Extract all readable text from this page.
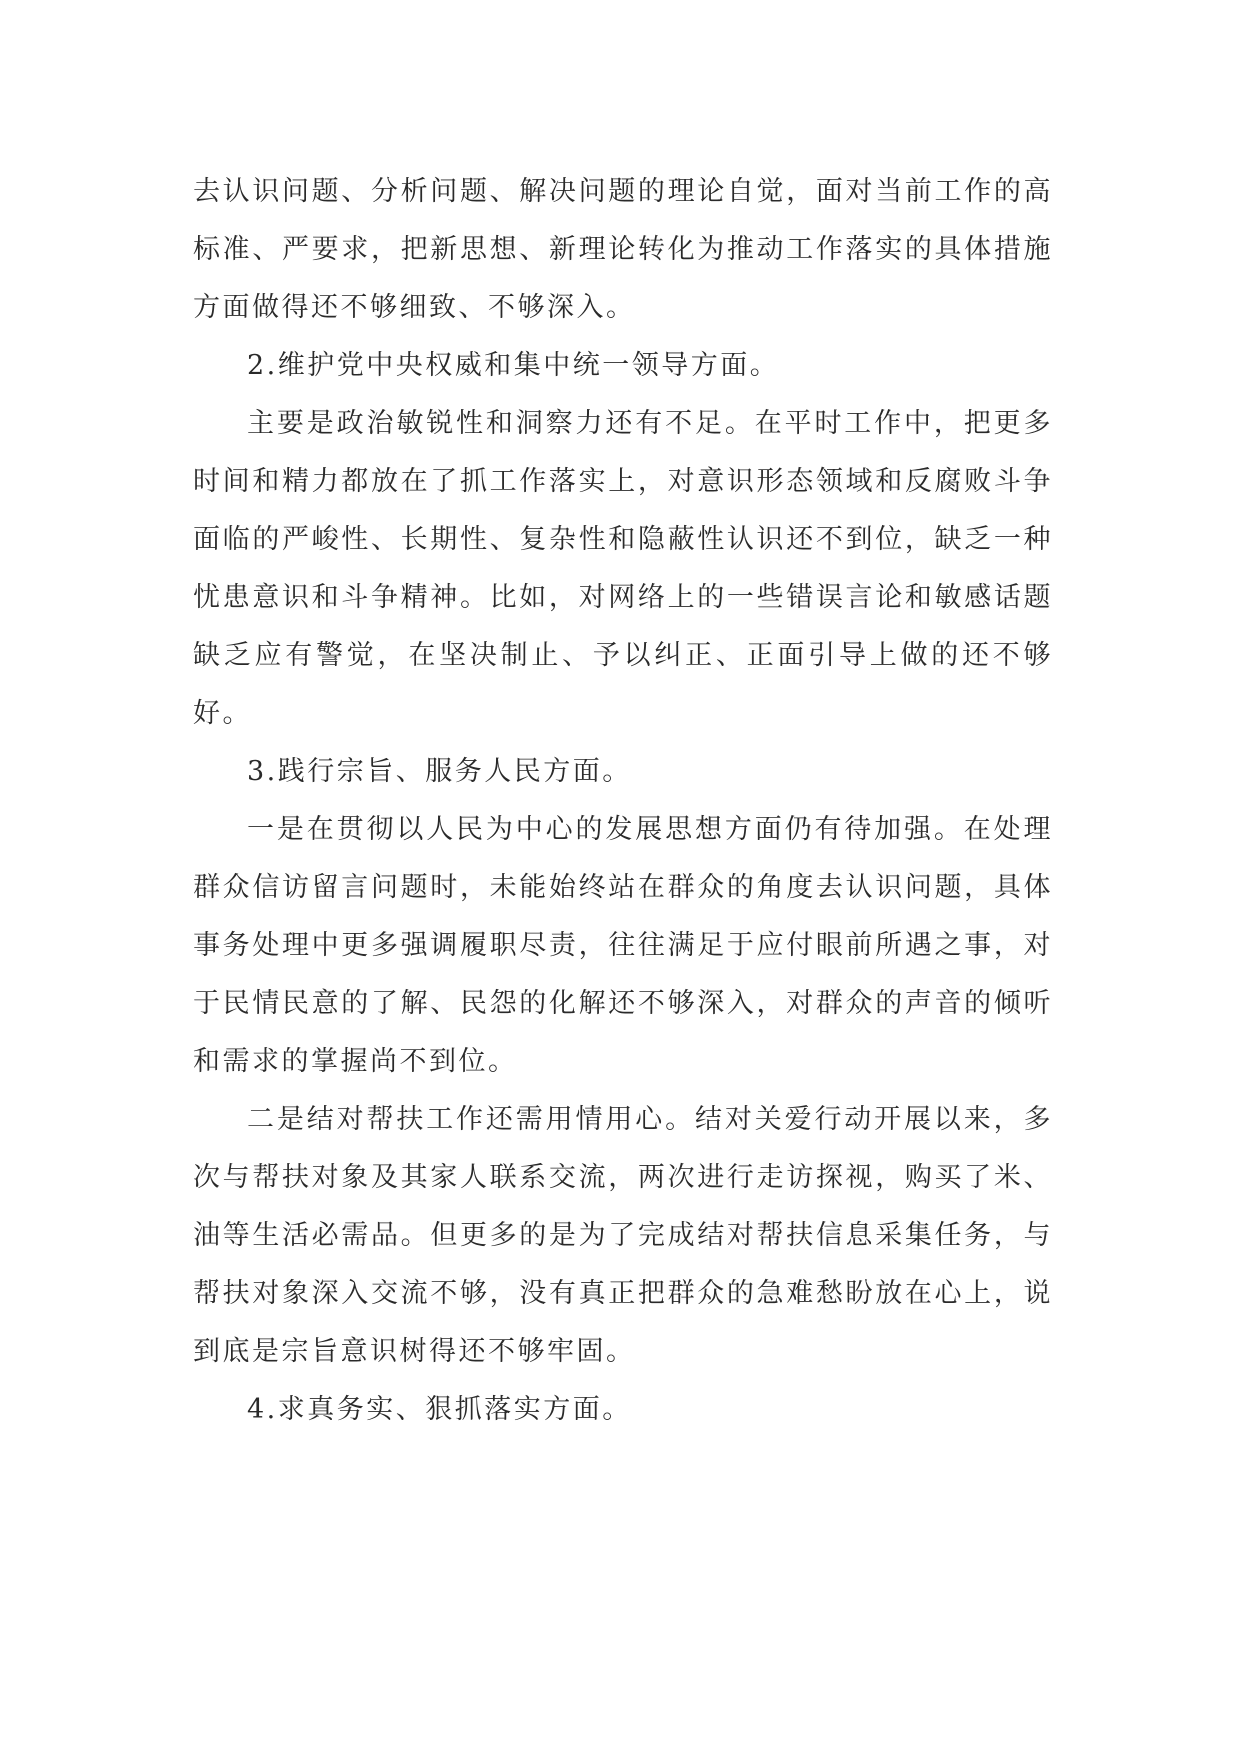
去认识问题、分析问题、解决问题的理论自觉，面对当前工作的高标准、严要求，把新思想、新理论转化为推动工作落实的具体措施方面做得还不够细致、不够深入。

2.维护党中央权威和集中统一领导方面。

主要是政治敏锐性和洞察力还有不足。在平时工作中，把更多时间和精力都放在了抓工作落实上，对意识形态领域和反腐败斗争面临的严峻性、长期性、复杂性和隐蔽性认识还不到位，缺乏一种忧患意识和斗争精神。比如，对网络上的一些错误言论和敏感话题缺乏应有警觉，在坚决制止、予以纠正、正面引导上做的还不够好。

3.践行宗旨、服务人民方面。

一是在贯彻以人民为中心的发展思想方面仍有待加强。在处理群众信访留言问题时，未能始终站在群众的角度去认识问题，具体事务处理中更多强调履职尽责，往往满足于应付眼前所遇之事，对于民情民意的了解、民怨的化解还不够深入，对群众的声音的倾听和需求的掌握尚不到位。

二是结对帮扶工作还需用情用心。结对关爱行动开展以来，多次与帮扶对象及其家人联系交流，两次进行走访探视，购买了米、油等生活必需品。但更多的是为了完成结对帮扶信息采集任务，与帮扶对象深入交流不够，没有真正把群众的急难愁盼放在心上，说到底是宗旨意识树得还不够牢固。

4.求真务实、狠抓落实方面。
